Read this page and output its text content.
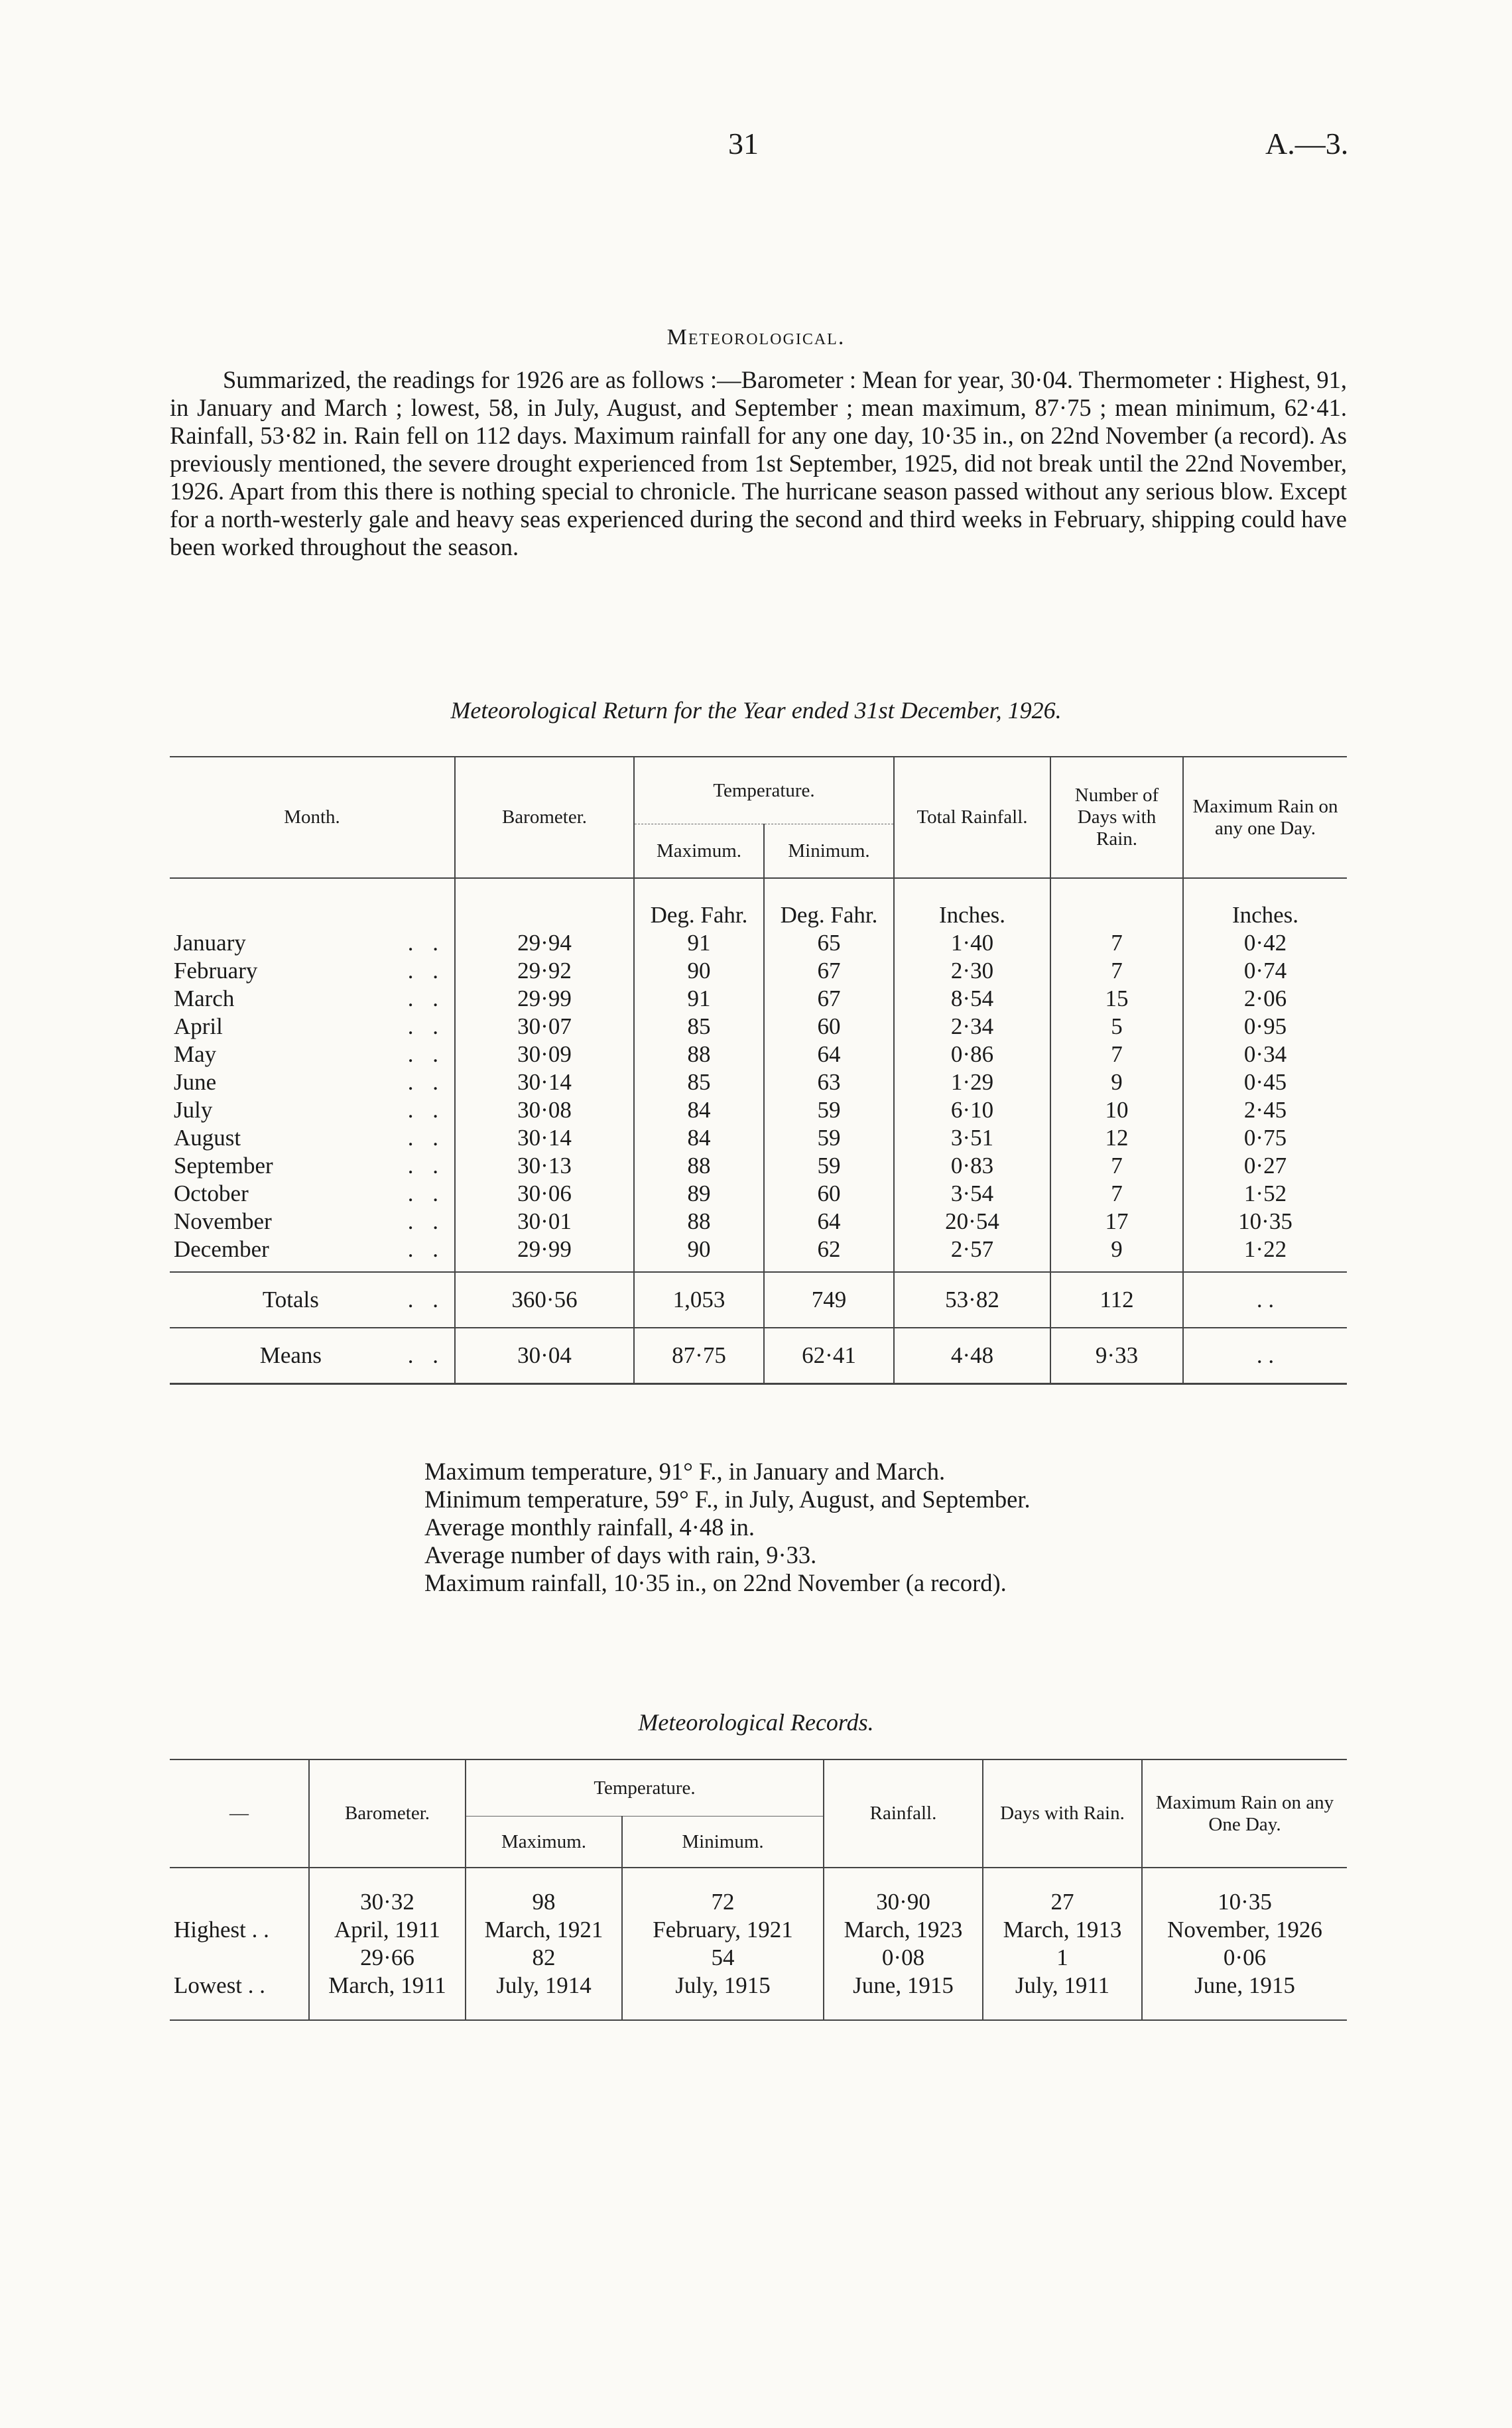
31	A.—3.
Meteorological.
Summarized, the readings for 1926 are as follows :—Barometer : Mean for year, 30·04. Thermometer : Highest, 91, in January and March ; lowest, 58, in July, August, and September ; mean maximum, 87·75 ; mean minimum, 62·41. Rainfall, 53·82 in. Rain fell on 112 days. Maximum rainfall for any one day, 10·35 in., on 22nd November (a record). As previously mentioned, the severe drought experienced from 1st September, 1925, did not break until the 22nd November, 1926. Apart from this there is nothing special to chronicle. The hurricane season passed without any serious blow. Except for a north-westerly gale and heavy seas experienced during the second and third weeks in February, shipping could have been worked throughout the season.
Meteorological Return for the Year ended 31st December, 1926.
Month.	Barometer.	Temperature.		Total Rainfall.	Number of Days with Rain.	Maximum Rain on any one Day.
		Maximum.	Minimum.			
		Deg. Fahr.	Deg. Fahr.	Inches.		Inches.
January . .	29·94	91	65	1·40	7	0·42
February . .	29·92	90	67	2·30	7	0·74
March . .	29·99	91	67	8·54	15	2·06
April . .	30·07	85	60	2·34	5	0·95
May . .	30·09	88	64	0·86	7	0·34
June . .	30·14	85	63	1·29	9	0·45
July . .	30·08	84	59	6·10	10	2·45
August . .	30·14	84	59	3·51	12	0·75
September . .	30·13	88	59	0·83	7	0·27
October . .	30·06	89	60	3·54	7	1·52
November . .	30·01	88	64	20·54	17	10·35
December . .	29·99	90	62	2·57	9	1·22

Totals . .	360·56	1,053	749	53·82	112	. .
Means . .	30·04	87·75	62·41	4·48	9·33	. .
Maximum temperature, 91° F., in January and March.
Minimum temperature, 59° F., in July, August, and September.
Average monthly rainfall, 4·48 in.
Average number of days with rain, 9·33.
Maximum rainfall, 10·35 in., on 22nd November (a record).
Meteorological Records.
—	Barometer.	Temperature.		Rainfall.	Days with Rain.	Maximum Rain on any One Day.
		Maximum.	Minimum.			
	30·32	98	72	30·90	27	10·35
Highest . .	April, 1911	March, 1921	February, 1921	March, 1923	March, 1913	November, 1926
	29·66	82	54	0·08	1	0·06
Lowest . .	March, 1911	July, 1914	July, 1915	June, 1915	July, 1911	June, 1915
